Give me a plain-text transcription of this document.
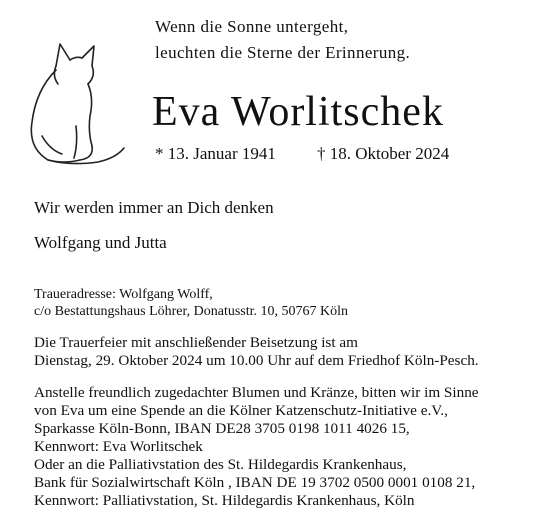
Wenn die Sonne untergeht,
leuchten die Sterne der Erinnerung.
Eva Worlitschek
* 13. Januar 1941 † 18. Oktober 2024
Wir werden immer an Dich denken
Wolfgang und Jutta
Traueradresse: Wolfgang Wolff,
c/o Bestattungshaus Löhrer, Donatusstr. 10, 50767 Köln
Die Trauerfeier mit anschließender Beisetzung ist am
Dienstag, 29. Oktober 2024 um 10.00 Uhr auf dem Friedhof Köln-Pesch.
Anstelle freundlich zugedachter Blumen und Kränze, bitten wir im Sinne
von Eva um eine Spende an die Kölner Katzenschutz-Initiative e.V.,
Sparkasse Köln-Bonn, IBAN DE28 3705 0198 1011 4026 15,
Kennwort: Eva Worlitschek
Oder an die Palliativstation des St. Hildegardis Krankenhaus,
Bank für Sozialwirtschaft Köln , IBAN DE 19 3702 0500 0001 0108 21,
Kennwort: Palliativstation, St. Hildegardis Krankenhaus, Köln
